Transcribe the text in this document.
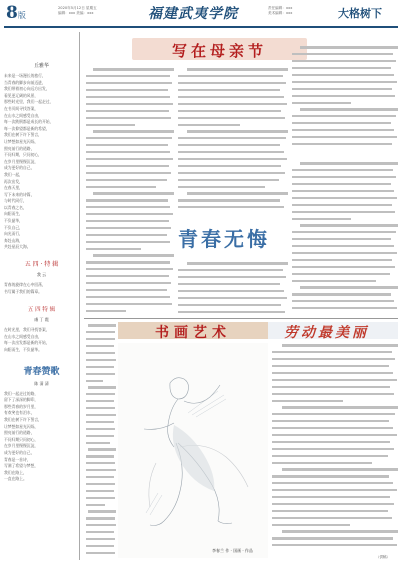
8版
2020年5月12日 星期五
编辑：xxx 美编：xxx	福建武夷学院	责任编辑：xxx
美术编辑：xxx	大格树下
丘雅华
未来是一场漫长的旅行，
当青春的脚步向前迈进，
我们带着初心向远方出发，
看见更辽阔的风景，
那些时光里，我们一起走过，
在书页间寻找答案，
在山水之间感受自由，
每一次跌倒都是成长的开始，
每一次仰望都是新的希望，
我们在树下许下誓言，
让梦想如星光闪烁，
照亮前行的道路，
不问归期，只问初心，
在岁月里慢慢沉淀，
成为更好的自己，
我们一起，
再次出发，
在春天里，
写下未来的诗篇，
与时代同行，
以青春之名，
向阳而生，
不负韶华，
不负自己，
向光而行，
奔赴山海，
共赴星辰大海。
五 四 · 特 辑
我 云
青春的旋律在心中回荡，
书写属于我们的篇章。
五 四 特 辑
虞 丁 霞
在时光里，我们寻找答案，
在山水之间感受自由，
每一次出发都是新的开始，
向阳而生，不负韶华。
青春赞歌
陈 清 清
我们一起走过的路，
留下了深深的脚印，
那些青春的岁月里，
有欢笑也有泪水，
我们在树下许下誓言，
让梦想如星光闪烁，
照亮前行的道路，
不问归期只问初心，
在岁月里慢慢沉淀，
成为更好的自己，
青春是一首诗，
写满了希望与梦想，
我们在路上，
一直在路上。
写在母亲节
青春无悔
书画艺术	劳动最美丽
李春兰 作 · 国画 · 作品
（供稿）
